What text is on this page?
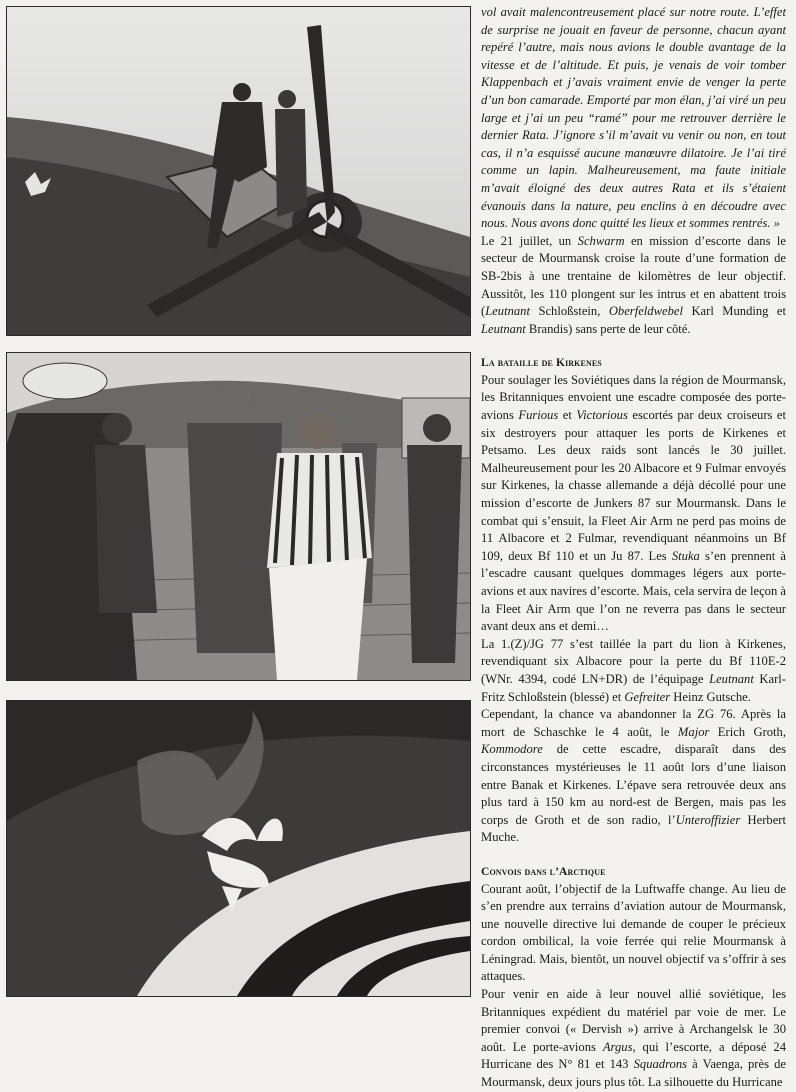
vol avait malencontreusement placé sur notre route. L’effet de surprise ne jouait en faveur de personne, chacun ayant repéré l’autre, mais nous avions le double avantage de la vitesse et de l’altitude. Et puis, je venais de voir tomber Klappenbach et j’avais vraiment envie de venger la perte d’un bon camarade. Emporté par mon élan, j’ai viré un peu large et j’ai un peu “ramé” pour me retrouver derrière le dernier Rata. J’ignore s’il m’avait vu venir ou non, en tout cas, il n’a esquissé aucune manœuvre dilatoire. Je l’ai tiré comme un lapin. Malheureusement, ma faute initiale m’avait éloigné des deux autres Rata et ils s’étaient évanouis dans la nature, peu enclins à en découdre avec nous. Nous avons donc quitté les lieux et sommes rentrés. »

Le 21 juillet, un Schwarm en mission d’escorte dans le secteur de Mourmansk croise la route d’une formation de SB-2bis à une trentaine de kilomètres de leur objectif. Aussitôt, les 110 plongent sur les intrus et en abattent trois (Leutnant Schloßstein, Oberfeldwebel Karl Munding et Leutnant Brandis) sans perte de leur côté.

La bataille de Kirkenes

Pour soulager les Soviétiques dans la région de Mourmansk, les Britanniques envoient une escadre composée des porte-avions Furious et Victorious escortés par deux croiseurs et six destroyers pour attaquer les ports de Kirkenes et Petsamo. Les deux raids sont lancés le 30 juillet. Malheureusement pour les 20 Albacore et 9 Fulmar envoyés sur Kirkenes, la chasse allemande a déjà décollé pour une mission d’escorte de Junkers 87 sur Mourmansk. Dans le combat qui s’ensuit, la Fleet Air Arm ne perd pas moins de 11 Albacore et 2 Fulmar, revendiquant néanmoins un Bf 109, deux Bf 110 et un Ju 87. Les Stuka s’en prennent à l’escadre causant quelques dommages légers aux porte-avions et aux navires d’escorte. Mais, cela servira de leçon à la Fleet Air Arm que l’on ne reverra pas dans le secteur avant deux ans et demi…

La 1.(Z)/JG 77 s’est taillée la part du lion à Kirkenes, revendiquant six Albacore pour la perte du Bf 110E-2 (WNr. 4394, codé LN+DR) de l’équipage Leutnant Karl-Fritz Schloßstein (blessé) et Gefreiter Heinz Gutsche.

Cependant, la chance va abandonner la ZG 76. Après la mort de Schaschke le 4 août, le Major Erich Groth, Kommodore de cette escadre, disparaît dans des circonstances mystérieuses le 11 août lors d’une liaison entre Banak et Kirkenes. L’épave sera retrouvée deux ans plus tard à 150 km au nord-est de Bergen, mais pas les corps de Groth et de son radio, l’Unteroffizier Herbert Muche.

Convois dans l’Arctique

Courant août, l’objectif de la Luftwaffe change. Au lieu de s’en prendre aux terrains d’aviation autour de Mourmansk, une nouvelle directive lui demande de couper le précieux cordon ombilical, la voie ferrée qui relie Mourmansk à Léningrad. Mais, bientôt, un nouvel objectif va s’offrir à ses attaques.

Pour venir en aide à leur nouvel allié soviétique, les Britanniques expédient du matériel par voie de mer. Le premier convoi (« Dervish ») arrive à Archangelsk le 30 août. Le porte-avions Argus, qui l’escorte, a déposé 24 Hurricane des N° 81 et 143 Squadrons à Vaenga, près de Mourmansk, deux jours plus tôt. La silhouette du Hurricane
